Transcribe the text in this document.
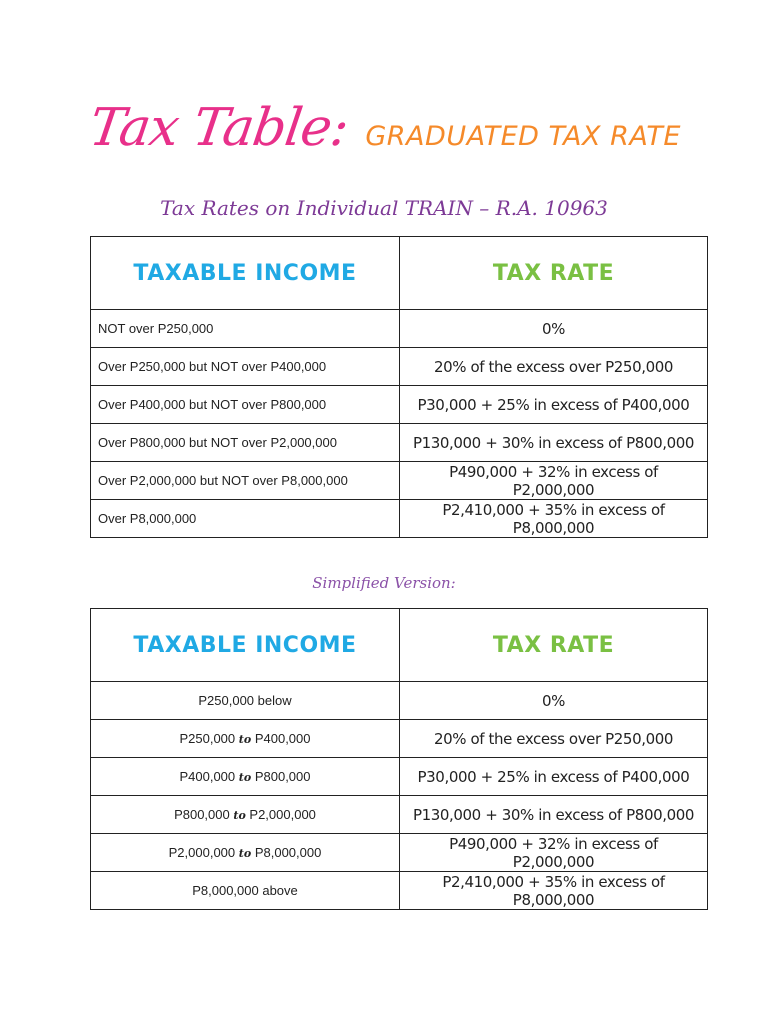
Tax Table: GRADUATED TAX RATE
Tax Rates on Individual TRAIN – R.A. 10963
TAXABLE INCOME	TAX RATE
NOT over P250,000	0%
Over P250,000 but NOT over P400,000	20% of the excess over P250,000
Over P400,000 but NOT over P800,000	P30,000 + 25% in excess of P400,000
Over P800,000 but NOT over P2,000,000	P130,000 + 30% in excess of P800,000
Over P2,000,000 but NOT over P8,000,000	P490,000 + 32% in excess of P2,000,000
Over P8,000,000	P2,410,000 + 35% in excess of P8,000,000
Simplified Version:
TAXABLE INCOME	TAX RATE
P250,000 below	0%
P250,000 to P400,000	20% of the excess over P250,000
P400,000 to P800,000	P30,000 + 25% in excess of P400,000
P800,000 to P2,000,000	P130,000 + 30% in excess of P800,000
P2,000,000 to P8,000,000	P490,000 + 32% in excess of P2,000,000
P8,000,000 above	P2,410,000 + 35% in excess of P8,000,000
